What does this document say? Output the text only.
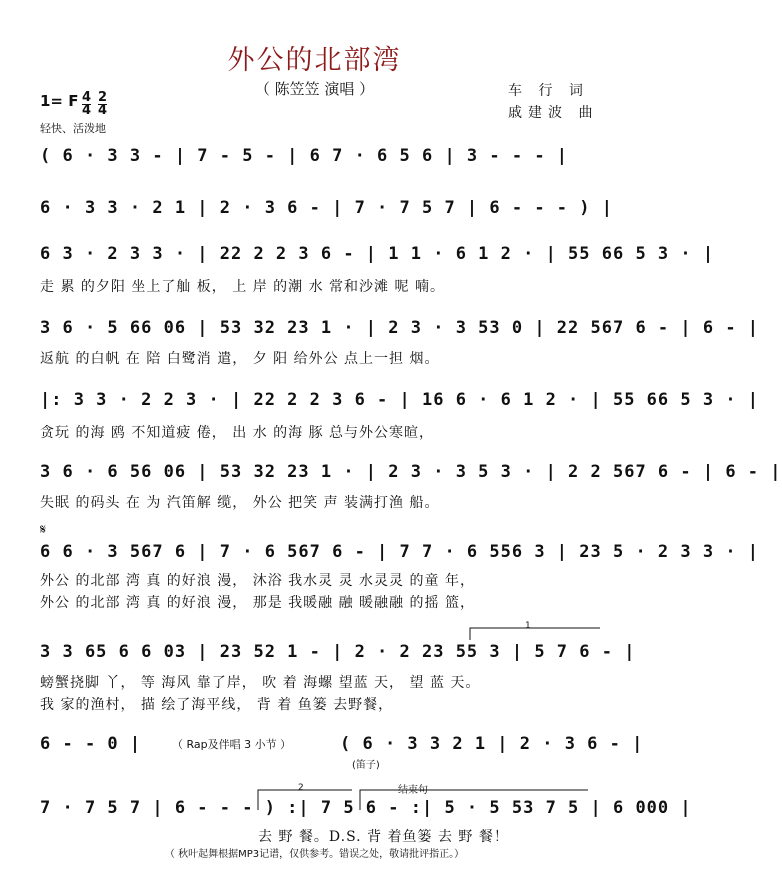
外公的北部湾
（ 陈笠笠 演唱 ）	车 行 词
戚建波 曲
1= F $\frac{4}{4} \frac{2}{4}$
轻快、活泼地
( 6 · 3 3 - | 7 - 5 - | 6 7 · 6 5 6 | 3 - - - |
6 · 3 3 · 2 1 | 2 · 3 6 - | 7 · 7 5 7 | 6 - - - ) |
6 3 · 2 3 3 · | 22 2 2 3 6 - | 1 1 · 6 1 2 · | 55 66 5 3 · |
走 累 的夕阳 坐上了舢 板， 上 岸 的潮 水 常和沙滩 呢 喃。
3 6 · 5 66 06 | 53 32 23 1 · | 2 3 · 3 53 0 | 22 567 6 - | 6 - |
返航 的白帆 在 陪 白鹭消 遣， 夕 阳 给外公 点上一担 烟。
|: 3 3 · 2 2 3 · | 22 2 2 3 6 - | 16 6 · 6 1 2 · | 55 66 5 3 · |
贪玩 的海 鸥 不知道疲 倦， 出 水 的海 豚 总与外公寒暄，
3 6 · 6 56 06 | 53 32 23 1 · | 2 3 · 3 5 3 · | 2 2 567 6 - | 6 - |
失眠 的码头 在 为 汽笛解 缆， 外公 把笑 声 装满打渔 船。
𝄋
6 6 · 3 567 6 | 7 · 6 567 6 - | 7 7 · 6 556 3 | 23 5 · 2 3 3 · |
外公 的北部 湾 真 的好浪 漫， 沐浴 我水灵 灵 水灵灵 的童 年，
外公 的北部 湾 真 的好浪 漫， 那是 我暖融 融 暖融融 的摇 篮，
1
3 3 65 6 6 03 | 23 52 1 - | 2 · 2 23 55 3 | 5 7 6 - |
螃蟹挠脚 丫， 等 海风 靠了岸， 吹 着 海螺 望蓝 天， 望 蓝 天。
我 家的渔村， 描 绘了海平线， 背 着 鱼篓 去野餐，
6 - - 0 |	（ Rap及伴唱 3 小节 ）	( 6 · 3 3 2 1 | 2 · 3 6 - |
(笛子)
2	结束句
7 · 7 5 7 | 6 - - - ) :| 7 5 6 - :| 5 · 5 53 7 5 | 6 000 |
去 野 餐。D.S. 背 着鱼篓 去 野 餐！
（ 秋叶起舞根据MP3记谱，仅供参考。错误之处，敬请批评指正。）
